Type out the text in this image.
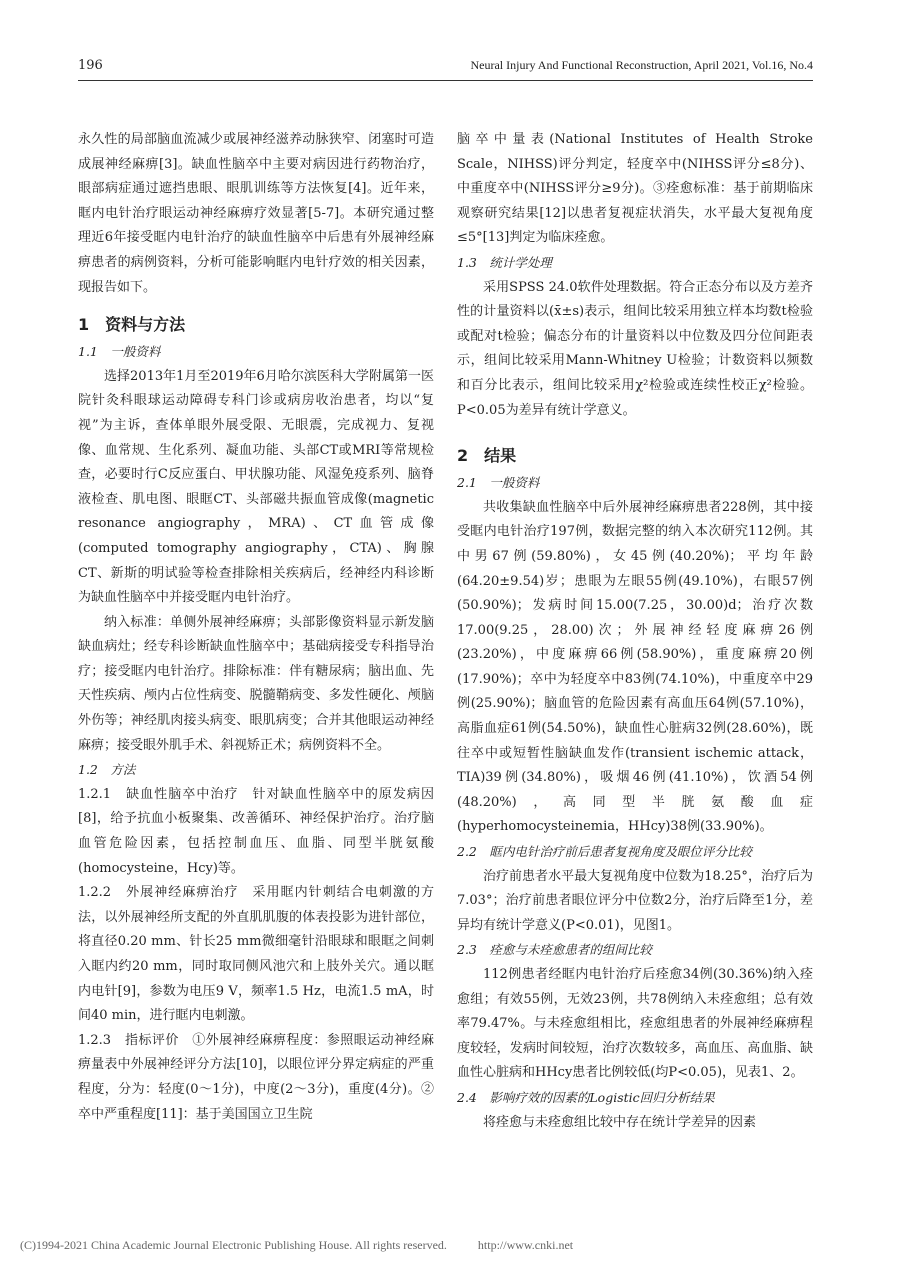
196	Neural Injury And Functional Reconstruction, April 2021, Vol.16, No.4

永久性的局部脑血流减少或展神经滋养动脉狭窄、闭塞时可造成展神经麻痹[3]。缺血性脑卒中主要对病因进行药物治疗，眼部病症通过遮挡患眼、眼肌训练等方法恢复[4]。近年来，眶内电针治疗眼运动神经麻痹疗效显著[5-7]。本研究通过整理近6年接受眶内电针治疗的缺血性脑卒中后患有外展神经麻痹患者的病例资料，分析可能影响眶内电针疗效的相关因素，现报告如下。

1　资料与方法
1.1　一般资料

选择2013年1月至2019年6月哈尔滨医科大学附属第一医院针灸科眼球运动障碍专科门诊或病房收治患者，均以“复视”为主诉，查体单眼外展受限、无眼震，完成视力、复视像、血常规、生化系列、凝血功能、头部CT或MRI等常规检查，必要时行C反应蛋白、甲状腺功能、风湿免疫系列、脑脊液检查、肌电图、眼眶CT、头部磁共振血管成像(magnetic resonance angiography，MRA)、CT血管成像(computed tomography angiography，CTA)、胸腺CT、新斯的明试验等检查排除相关疾病后，经神经内科诊断为缺血性脑卒中并接受眶内电针治疗。

纳入标准：单侧外展神经麻痹；头部影像资料显示新发脑缺血病灶；经专科诊断缺血性脑卒中；基础病接受专科指导治疗；接受眶内电针治疗。排除标准：伴有糖尿病；脑出血、先天性疾病、颅内占位性病变、脱髓鞘病变、多发性硬化、颅脑外伤等；神经肌肉接头病变、眼肌病变；合并其他眼运动神经麻痹；接受眼外肌手术、斜视矫正术；病例资料不全。

1.2　方法

1.2.1　缺血性脑卒中治疗　针对缺血性脑卒中的原发病因[8]，给予抗血小板聚集、改善循环、神经保护治疗。治疗脑血管危险因素，包括控制血压、血脂、同型半胱氨酸(homocysteine，Hcy)等。

1.2.2　外展神经麻痹治疗　采用眶内针刺结合电刺激的方法，以外展神经所支配的外直肌肌腹的体表投影为进针部位，将直径0.20 mm、针长25 mm微细毫针沿眼球和眼眶之间刺入眶内约20 mm，同时取同侧风池穴和上肢外关穴。通以眶内电针[9]，参数为电压9 V，频率1.5 Hz，电流1.5 mA，时间40 min，进行眶内电刺激。

1.2.3　指标评价　①外展神经麻痹程度：参照眼运动神经麻痹量表中外展神经评分方法[10]，以眼位评分界定病症的严重程度，分为：轻度(0～1分)，中度(2～3分)，重度(4分)。②卒中严重程度[11]：基于美国国立卫生院

脑卒中量表(National Institutes of Health Stroke Scale，NIHSS)评分判定，轻度卒中(NIHSS评分≤8分)、中重度卒中(NIHSS评分≥9分)。③痊愈标准：基于前期临床观察研究结果[12]以患者复视症状消失，水平最大复视角度≤5°[13]判定为临床痊愈。

1.3　统计学处理

采用SPSS 24.0软件处理数据。符合正态分布以及方差齐性的计量资料以(x̄±s)表示，组间比较采用独立样本均数t检验或配对t检验；偏态分布的计量资料以中位数及四分位间距表示，组间比较采用Mann-Whitney U检验；计数资料以频数和百分比表示，组间比较采用χ²检验或连续性校正χ²检验。P<0.05为差异有统计学意义。

2　结果
2.1　一般资料

共收集缺血性脑卒中后外展神经麻痹患者228例，其中接受眶内电针治疗197例，数据完整的纳入本次研究112例。其中男67例(59.80%)，女45例(40.20%)；平均年龄(64.20±9.54)岁；患眼为左眼55例(49.10%)，右眼57例(50.90%)；发病时间15.00(7.25，30.00)d；治疗次数17.00(9.25，28.00)次；外展神经轻度麻痹26例(23.20%)，中度麻痹66例(58.90%)，重度麻痹20例(17.90%)；卒中为轻度卒中83例(74.10%)，中重度卒中29例(25.90%)；脑血管的危险因素有高血压64例(57.10%)，高脂血症61例(54.50%)，缺血性心脏病32例(28.60%)，既往卒中或短暂性脑缺血发作(transient ischemic attack，TIA)39例(34.80%)，吸烟46例(41.10%)，饮酒54例(48.20%)，高同型半胱氨酸血症(hyperhomocysteinemia，HHcy)38例(33.90%)。

2.2　眶内电针治疗前后患者复视角度及眼位评分比较

治疗前患者水平最大复视角度中位数为18.25°，治疗后为7.03°；治疗前患者眼位评分中位数2分，治疗后降至1分，差异均有统计学意义(P<0.01)，见图1。

2.3　痊愈与未痊愈患者的组间比较

112例患者经眶内电针治疗后痊愈34例(30.36%)纳入痊愈组；有效55例，无效23例，共78例纳入未痊愈组；总有效率79.47%。与未痊愈组相比，痊愈组患者的外展神经麻痹程度较轻，发病时间较短，治疗次数较多，高血压、高血脂、缺血性心脏病和HHcy患者比例较低(均P<0.05)，见表1、2。

2.4　影响疗效的因素的Logistic回归分析结果

将痊愈与未痊愈组比较中存在统计学差异的因素

(C)1994-2021 China Academic Journal Electronic Publishing House. All rights reserved.	http://www.cnki.net
